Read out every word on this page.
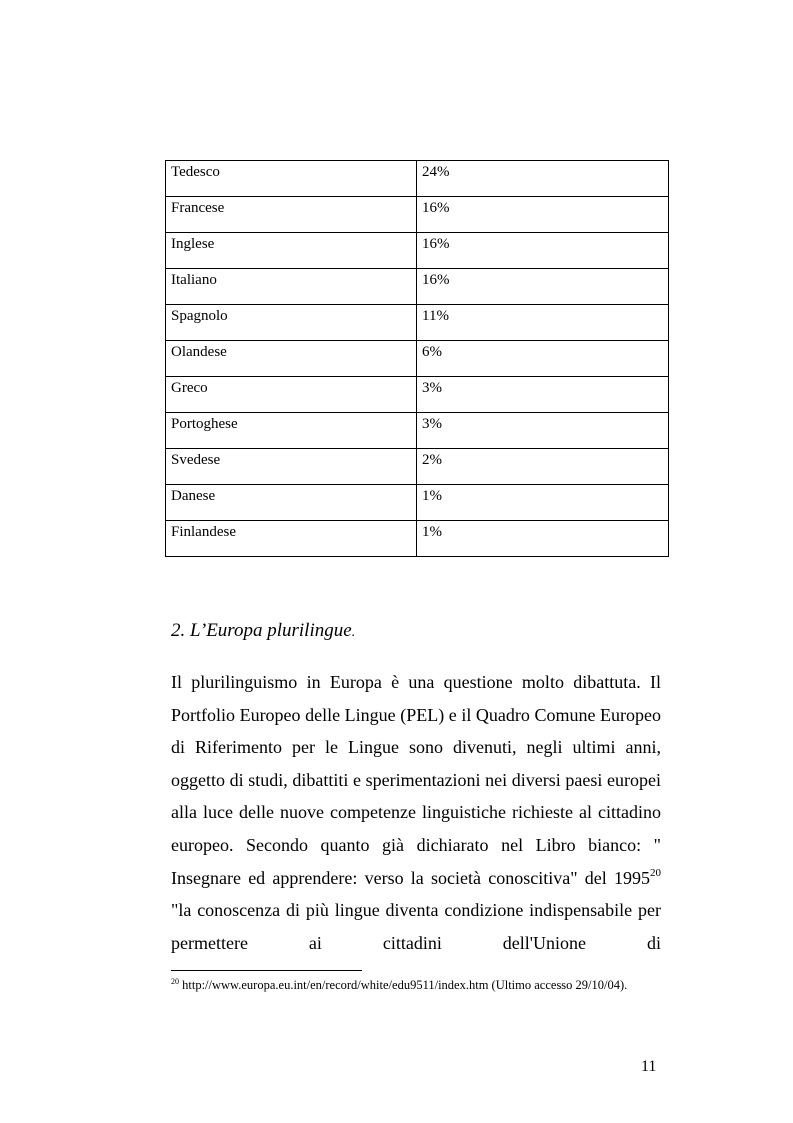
Tedesco	24%
Francese	16%
Inglese	16%
Italiano	16%
Spagnolo	11%
Olandese	6%
Greco	3%
Portoghese	3%
Svedese	2%
Danese	1%
Finlandese	1%
2. L’Europa plurilingue.

Il plurilinguismo in Europa è una questione molto dibattuta. Il Portfolio Europeo delle Lingue (PEL) e il Quadro Comune Europeo di Riferimento per le Lingue sono divenuti, negli ultimi anni, oggetto di studi, dibattiti e sperimentazioni nei diversi paesi europei alla luce delle nuove competenze linguistiche richieste al cittadino europeo. Secondo quanto già dichiarato nel Libro bianco: " Insegnare ed apprendere: verso la società conoscitiva" del 1995$^{20}$ "la conoscenza di più lingue diventa condizione indispensabile per permettere ai cittadini dell'Unione di

$^{20}$ http://www.europa.eu.int/en/record/white/edu9511/index.htm (Ultimo accesso 29/10/04).

11
